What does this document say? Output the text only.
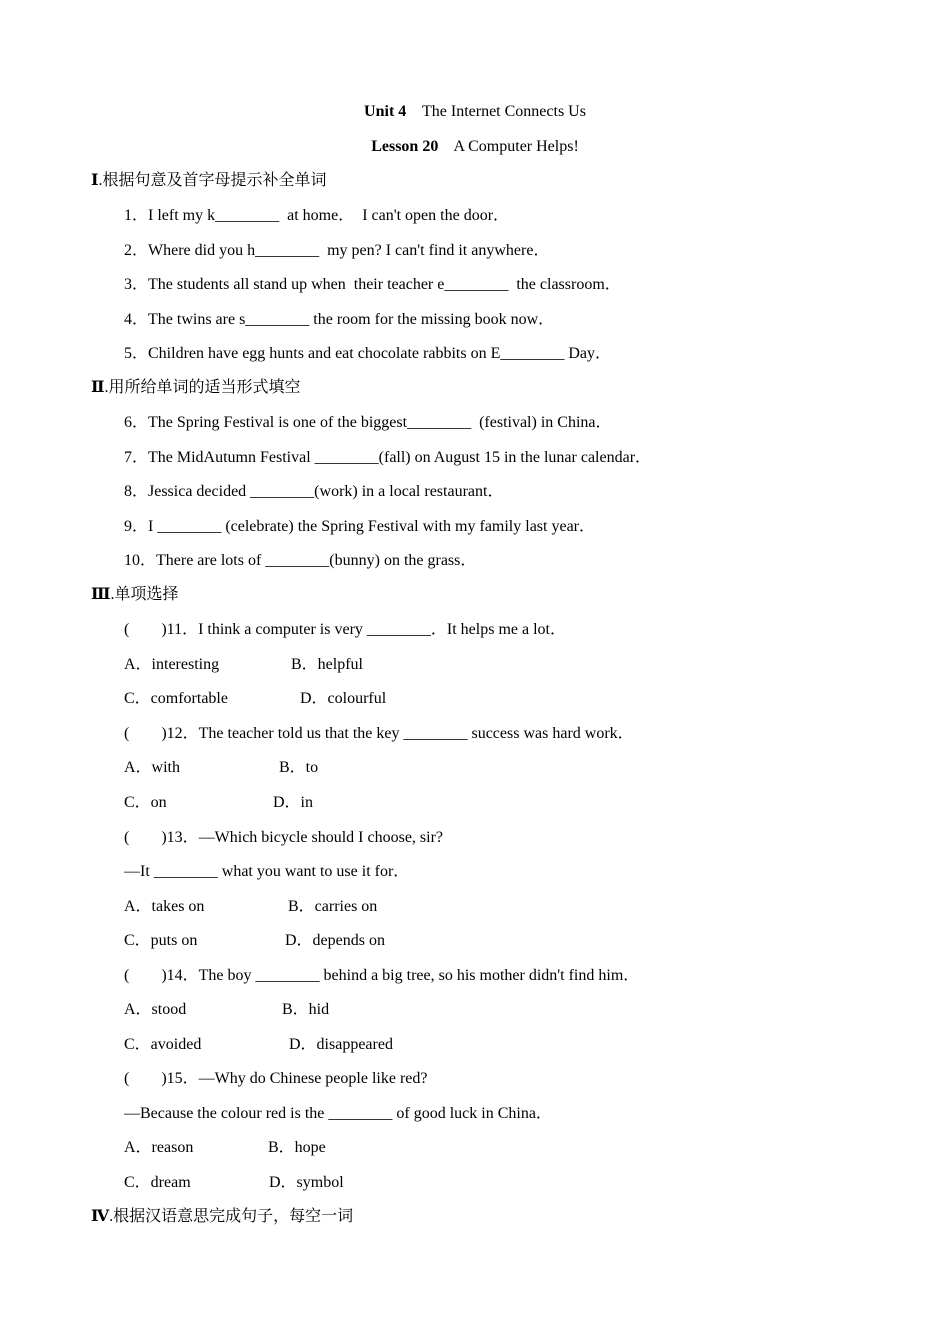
Unit 4 The Internet Connects Us
Lesson 20 A Computer Helps!
Ⅰ.根据句意及首字母提示补全单词
1．I left my k________  at home．  I can't open the door．
2．Where did you h________  my pen? I can't find it anywhere．
3．The students all stand up when  their teacher e________  the classroom．
4．The twins are s________ the room for the missing book now．
5．Children have egg hunts and eat chocolate rabbits on E________ Day．
Ⅱ.用所给单词的适当形式填空
6．The Spring Festival is one of the biggest________  (festival) in China．
7．The MidAutumn Festival ________(fall) on August 15 in the lunar calendar．
8．Jessica decided ________(work) in a local restaurant．
9．I ________ (celebrate) the Spring Festival with my family last year．
10．There are lots of ________(bunny) on the grass．
Ⅲ.单项选择
(        )11．I think a computer is very ________．It helps me a lot．
A．interesting	B．helpful
C．comfortable	D．colourful
(        )12．The teacher told us that the key ________ success was hard work．
A．with	B．to
C．on	D．in
(        )13．—Which bicycle should I choose, sir?
—It ________ what you want to use it for．
A．takes on	B．carries on
C．puts on	D．depends on
(        )14．The boy ________ behind a big tree, so his mother didn't find him．
A．stood	B．hid
C．avoided	D．disappeared
(        )15．—Why do Chinese people like red?
—Because the colour red is the ________ of good luck in China．
A．reason	B．hope
C．dream	D．symbol
Ⅳ.根据汉语意思完成句子，每空一词
